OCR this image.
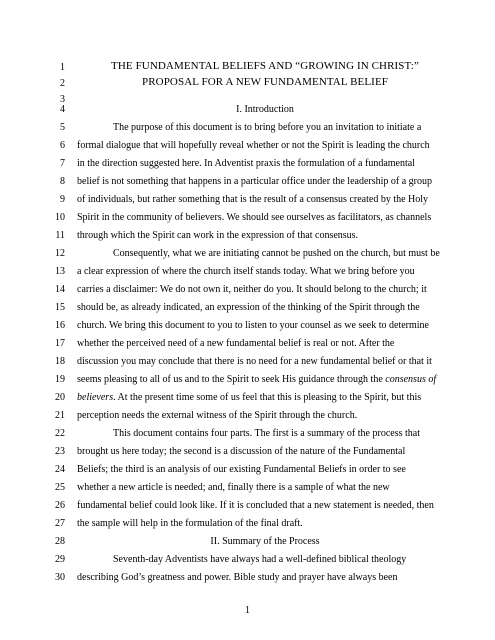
1
2
3
4
5
6
7
8
9
10
11
12
13
14
15
16
17
18
19
20
21
22
23
24
25
26
27
28
29
30
THE FUNDAMENTAL BELIEFS AND “GROWING IN CHRIST:”
PROPOSAL FOR A NEW FUNDAMENTAL BELIEF
I. Introduction
The purpose of this document is to bring before you an invitation to initiate a
formal dialogue that will hopefully reveal whether or not the Spirit is leading the church
in the direction suggested here. In Adventist praxis the formulation of a fundamental
belief is not something that happens in a particular office under the leadership of a group
of individuals, but rather something that is the result of a consensus created by the Holy
Spirit in the community of believers. We should see ourselves as facilitators, as channels
through which the Spirit can work in the expression of that consensus.
Consequently, what we are initiating cannot be pushed on the church, but must be
a clear expression of where the church itself stands today. What we bring before you
carries a disclaimer: We do not own it, neither do you. It should belong to the church; it
should be, as already indicated, an expression of the thinking of the Spirit through the
church. We bring this document to you to listen to your counsel as we seek to determine
whether the perceived need of a new fundamental belief is real or not. After the
discussion you may conclude that there is no need for a new fundamental belief or that it
seems pleasing to all of us and to the Spirit to seek His guidance through the consensus of
believers. At the present time some of us feel that this is pleasing to the Spirit, but this
perception needs the external witness of the Spirit through the church.
This document contains four parts. The first is a summary of the process that
brought us here today; the second is a discussion of the nature of the Fundamental
Beliefs; the third is an analysis of our existing Fundamental Beliefs in order to see
whether a new article is needed; and, finally there is a sample of what the new
fundamental belief could look like. If it is concluded that a new statement is needed, then
the sample will help in the formulation of the final draft.
II. Summary of the Process
Seventh-day Adventists have always had a well-defined biblical theology
describing God’s greatness and power. Bible study and prayer have always been
1
